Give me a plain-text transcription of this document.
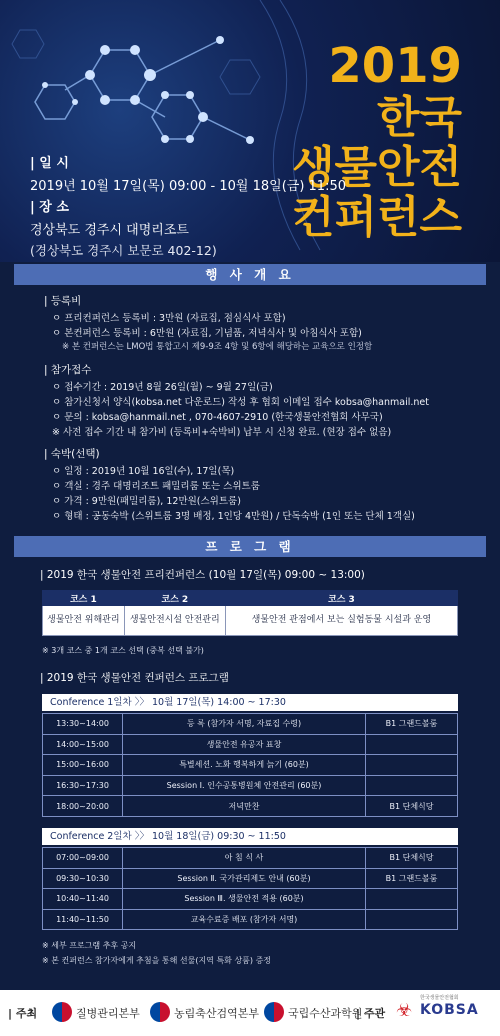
2019
한국
생물안전
컨퍼런스
| 일 시
2019년 10월 17일(목) 09:00 - 10월 18일(금) 11:50
| 장 소
경상북도 경주시 대명리조트
(경상북도 경주시 보문로 402-12)
행 사 개 요
| 등록비
ㅇ 프리컨퍼런스 등록비 : 3만원 (자료집, 점심식사 포함)
ㅇ 본컨퍼런스 등록비 : 6만원 (자료집, 기념품, 저녁식사 및 아침식사 포함)
※ 본 컨퍼런스는 LMO법 통합고시 제9-9조 4항 및 6항에 해당하는 교육으로 인정함
| 참가접수
ㅇ 접수기간 : 2019년 8월 26일(월) ~ 9월 27일(금)
ㅇ 참가신청서 양식(kobsa.net 다운로드) 작성 후 협회 이메일 접수 kobsa@hanmail.net
ㅇ 문의 : kobsa@hanmail.net , 070-4607-2910 (한국생물안전협회 사무국)
※ 사전 접수 기간 내 참가비 (등록비+숙박비) 납부 시 신청 완료. (현장 접수 없음)
| 숙박(선택)
ㅇ 일정 : 2019년 10월 16일(수), 17일(목)
ㅇ 객실 : 경주 대명리조트 패밀리룸 또는 스위트룸
ㅇ 가격 : 9만원(패밀리룸), 12만원(스위트룸)
ㅇ 형태 : 공동숙박 (스위트룸 3명 배정, 1인당 4만원) / 단독숙박 (1인 또는 단체 1객실)
프 로 그 램
| 2019 한국 생물안전 프리컨퍼런스 (10월 17일(목) 09:00 ~ 13:00)
코스 1	코스 2	코스 3
생물안전 위해관리	생물안전시설 안전관리	생물안전 관점에서 보는 실험동물 시설과 운영
※ 3개 코스 중 1개 코스 선택 (중복 선택 불가)
| 2019 한국 생물안전 컨퍼런스 프로그램
Conference 1일차 〉〉 10월 17일(목) 14:00 ~ 17:30
13:30~14:00	등 록 (참가자 서명, 자료집 수령)	B1 그랜드볼룸
14:00~15:00	생물안전 유공자 표창	
15:00~16:00	특별세션. 노화 행복하게 늙기 (60분)	
16:30~17:30	Session Ⅰ. 인수공통병원체 안전관리 (60분)	
18:00~20:00	저녁만찬	B1 단체식당
Conference 2일차 〉〉 10월 18일(금) 09:30 ~ 11:50
07:00~09:00	아 침 식 사	B1 단체식당
09:30~10:30	Session Ⅱ. 국가관리제도 안내 (60분)	B1 그랜드볼룸
10:40~11:40	Session Ⅲ. 생물안전 적용 (60분)	
11:40~11:50	교육수료증 배포 (참가자 서명)	
※ 세부 프로그램 추후 공지
※ 본 컨퍼런스 참가자에게 추첨을 통해 선물(지역 특화 상품) 증정
| 주최	질병관리본부	농림축산검역본부	국립수산과학원
| 주관 ☣
한국생물안전협회
KOBSA
